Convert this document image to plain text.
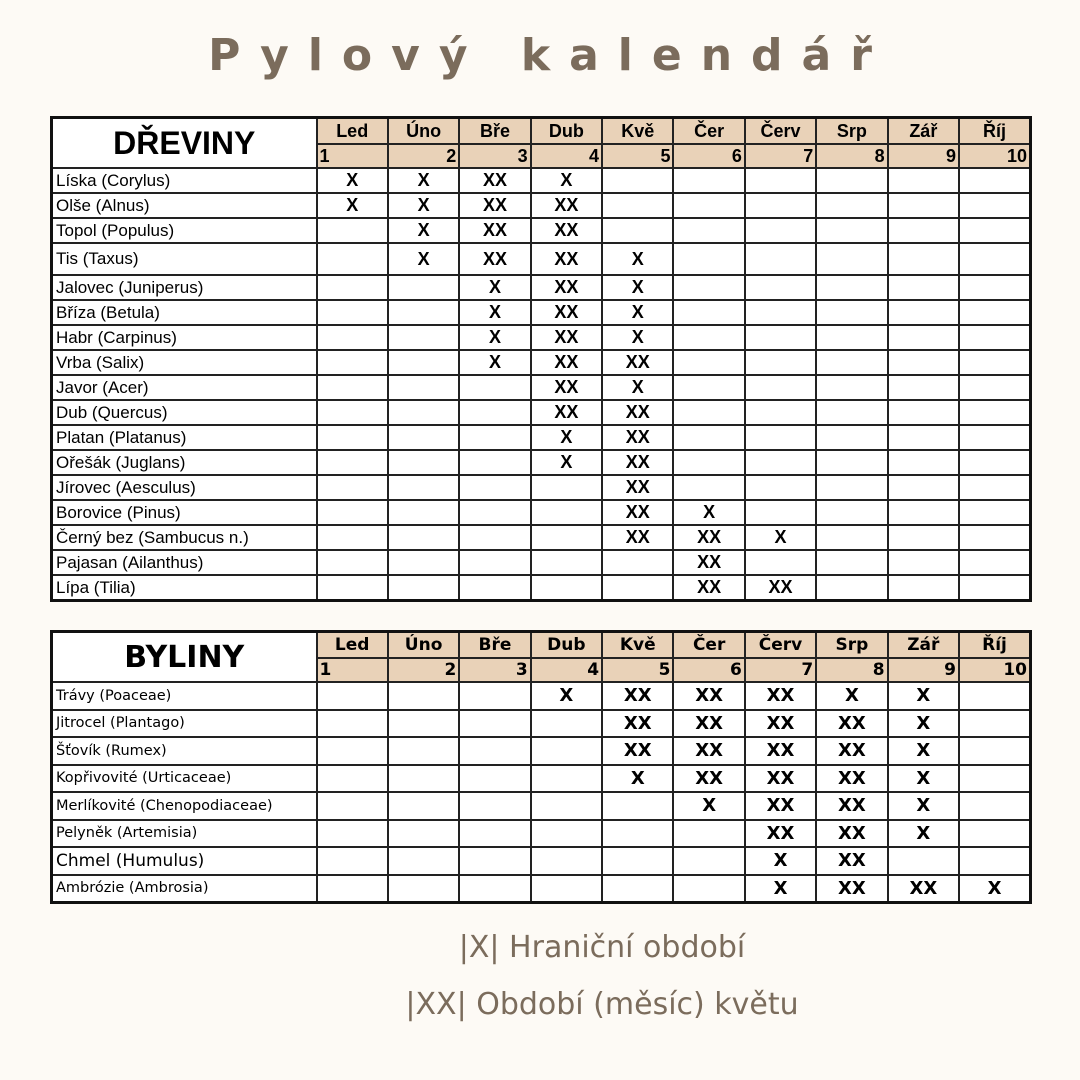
Pylový kalendář
DŘEVINY	Led	Úno	Bře	Dub	Kvě	Čer	Červ	Srp	Zář	Říj
	1	2	3	4	5	6	7	8	9	10
Líska (Corylus)	X	X	XX	X						
Olše (Alnus)	X	X	XX	XX						
Topol (Populus)		X	XX	XX						
Tis (Taxus)		X	XX	XX	X					
Jalovec (Juniperus)			X	XX	X					
Bříza (Betula)			X	XX	X					
Habr (Carpinus)			X	XX	X					
Vrba (Salix)			X	XX	XX					
Javor (Acer)				XX	X					
Dub (Quercus)				XX	XX					
Platan (Platanus)				X	XX					
Ořešák (Juglans)				X	XX					
Jírovec (Aesculus)					XX					
Borovice (Pinus)					XX	X				
Černý bez (Sambucus n.)					XX	XX	X			
Pajasan (Ailanthus)						XX				
Lípa (Tilia)						XX	XX			
BYLINY	Led	Úno	Bře	Dub	Kvě	Čer	Červ	Srp	Zář	Říj
	1	2	3	4	5	6	7	8	9	10
Trávy (Poaceae)				X	XX	XX	XX	X	X	
Jitrocel (Plantago)					XX	XX	XX	XX	X	
Šťovík (Rumex)					XX	XX	XX	XX	X	
Kopřivovité (Urticaceae)					X	XX	XX	XX	X	
Merlíkovité (Chenopodiaceae)						X	XX	XX	X	
Pelyněk (Artemisia)							XX	XX	X	
Chmel (Humulus)							X	XX		
Ambrózie (Ambrosia)							X	XX	XX	X
|X| Hraniční období
|XX| Období (měsíc) květu
